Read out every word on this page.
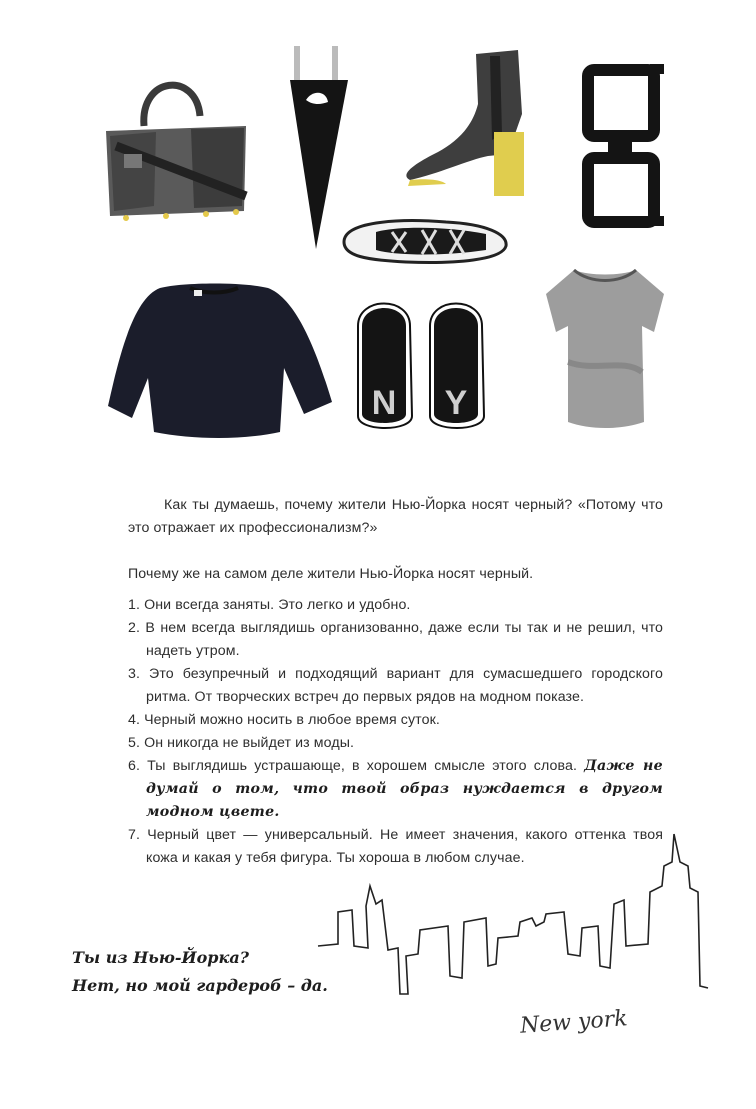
NYC
N Y

Как ты думаешь, почему жители Нью-Йорка носят черный? «Потому что это отражает их профессионализм?»

Почему же на самом деле жители Нью-Йорка носят черный.

1. Они всегда заняты. Это легко и удобно.
2. В нем всегда выглядишь организованно, даже если ты так и не решил, что надеть утром.
3. Это безупречный и подходящий вариант для сумасшедшего городского ритма. От творческих встреч до первых рядов на модном показе.
4. Черный можно носить в любое время суток.
5. Он никогда не выйдет из моды.
6. Ты выглядишь устрашающе, в хорошем смысле этого слова. Даже не думай о том, что твой образ нуждается в другом модном цвете.
7. Черный цвет — универсальный. Не имеет значения, какого оттенка твоя кожа и какая у тебя фигура. Ты хороша в любом случае.
Ты из Нью-Йорка?
Нет, но мой гардероб – да.
New york
